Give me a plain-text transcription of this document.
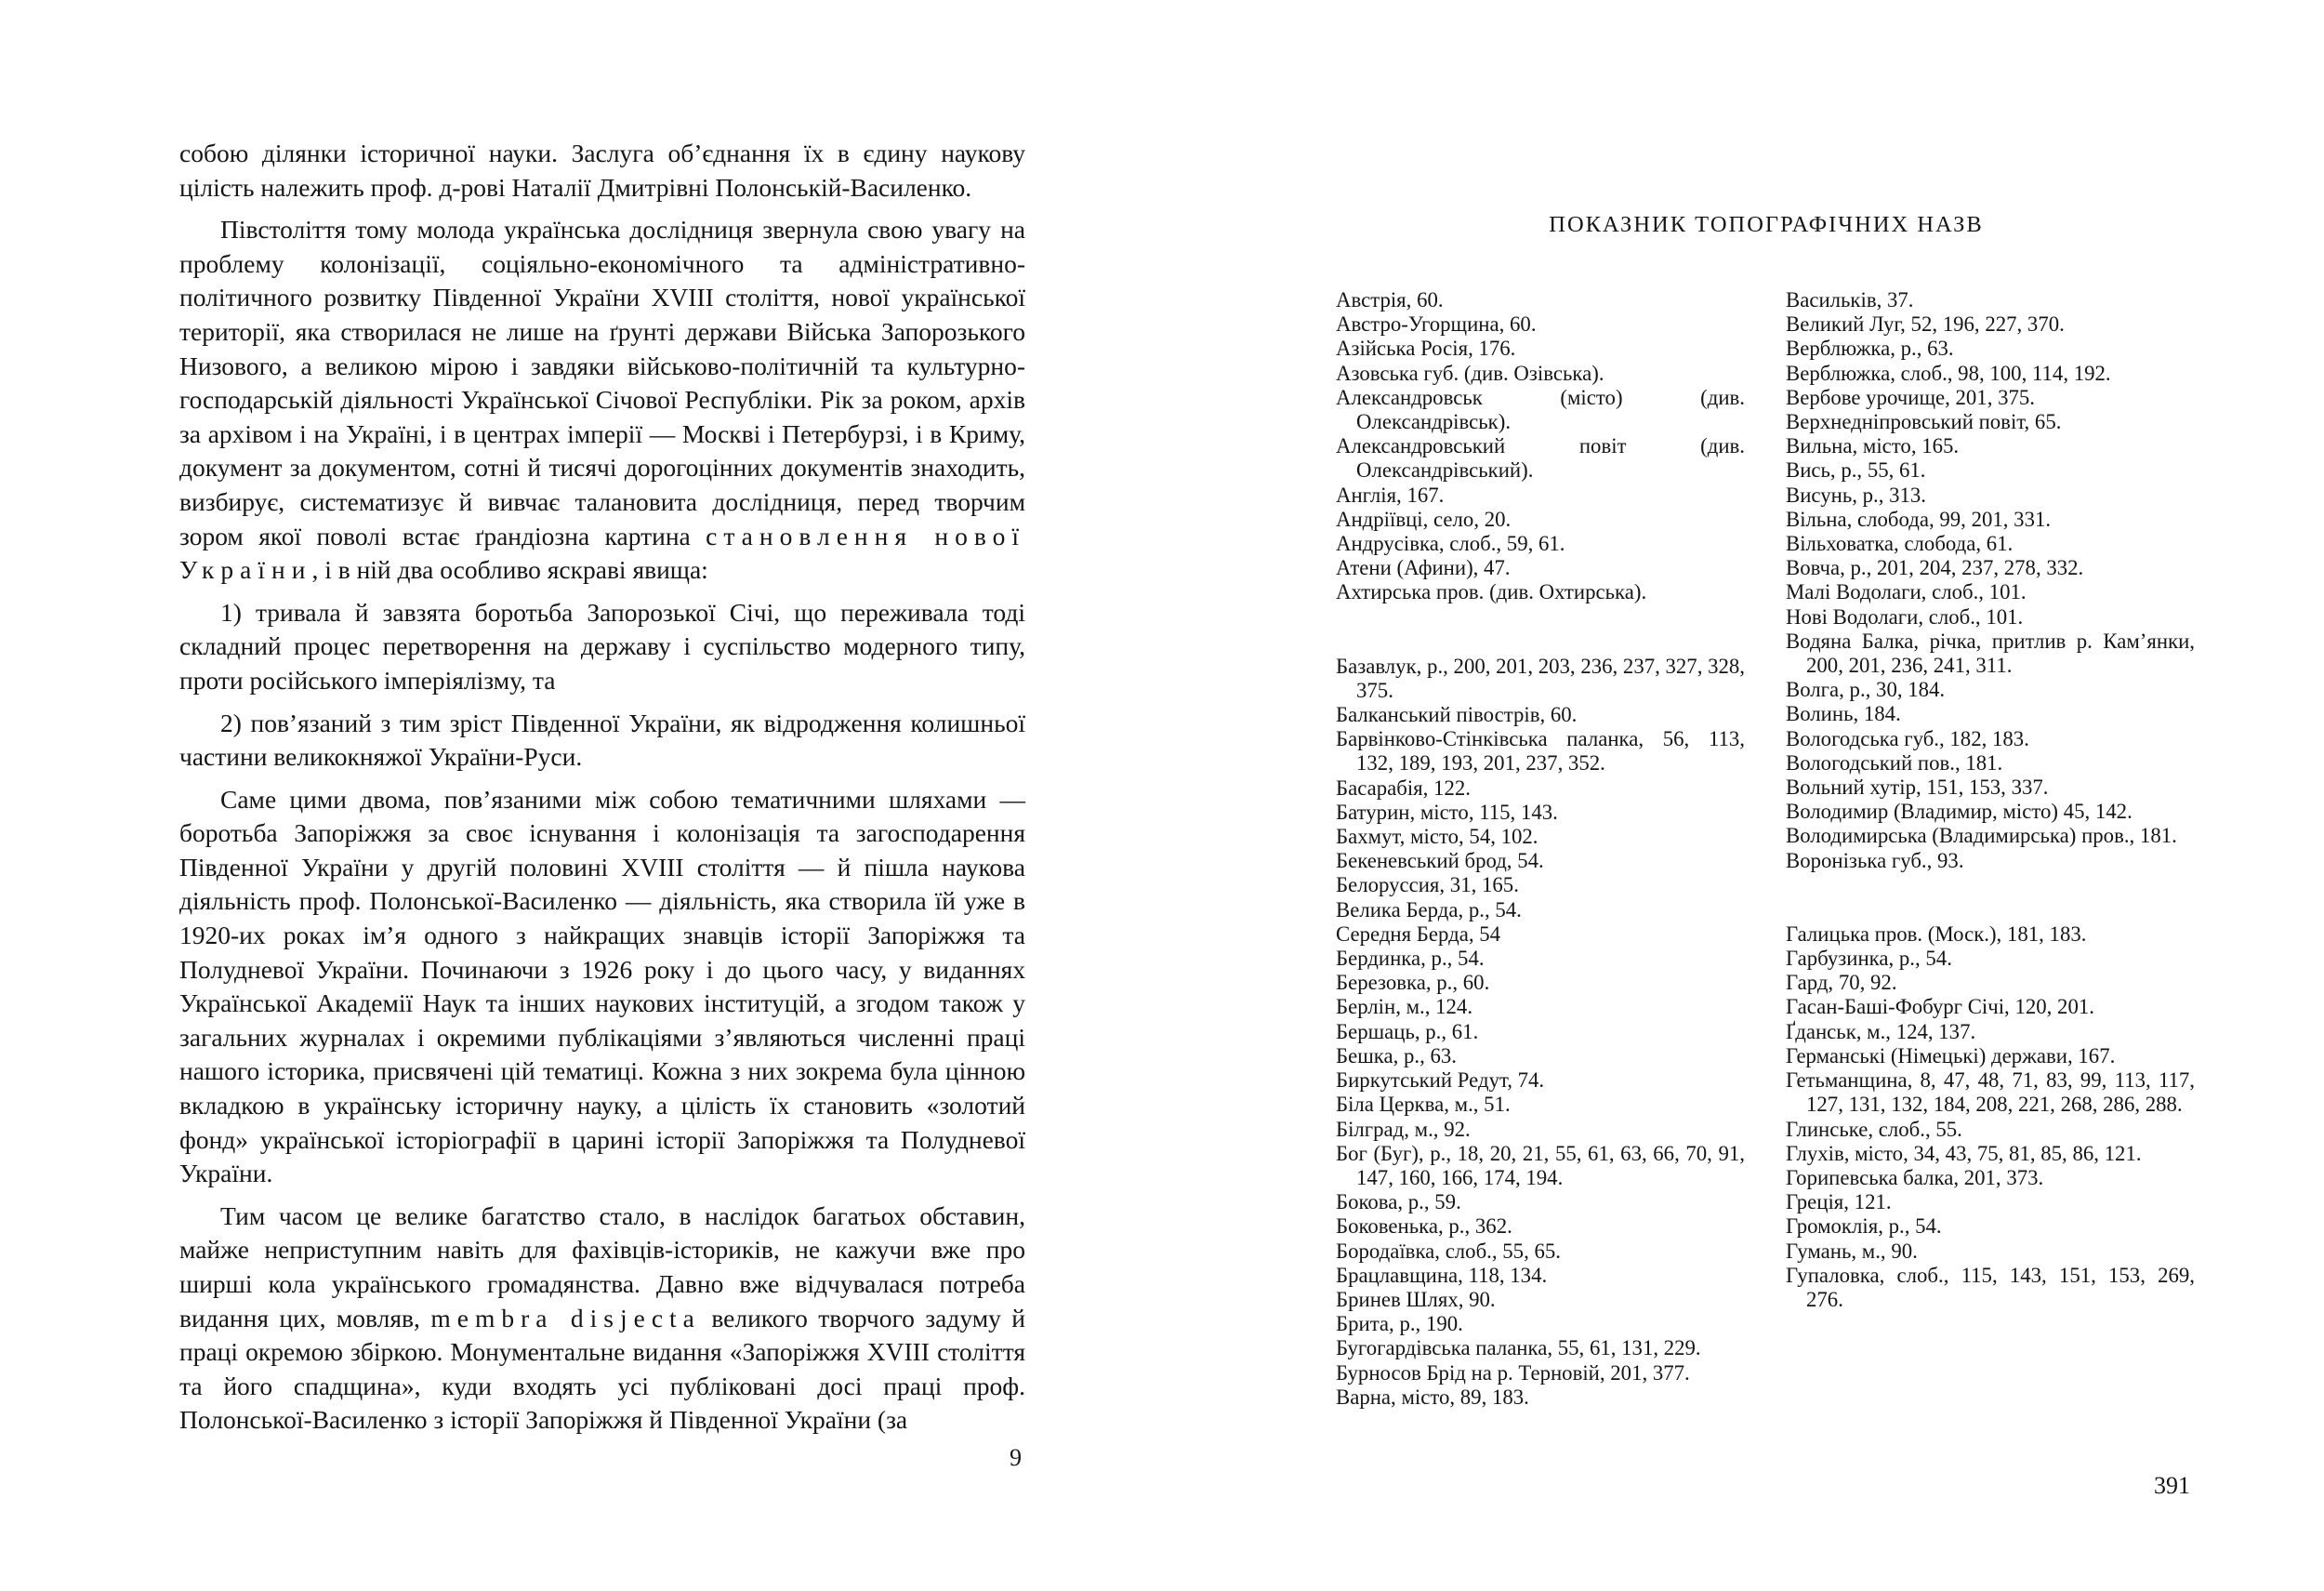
собою ділянки історичної науки. Заслуга об’єднання їх в єдину наукову цілість належить проф. д-рові Наталії Дмитрівні Полонській-Василенко.

Півстоліття тому молода українська дослідниця звернула свою увагу на проблему колонізації, соціяльно-економічного та адміністративно-політичного розвитку Південної України XVIII століття, нової української території, яка створилася не лише на ґрунті держави Війська Запорозького Низового, а великою мірою і завдяки військово-політичній та культурно-господарській діяльності Української Січової Республіки. Рік за роком, архів за архівом і на Україні, і в центрах імперії — Москві і Петербурзі, і в Криму, документ за документом, сотні й тисячі дорогоцінних документів знаходить, визбирує, систематизує й вивчає талановита дослідниця, перед творчим зором якої поволі встає ґрандіозна картина становлення нової України, і в ній два особливо яскраві явища:

1) тривала й завзята боротьба Запорозької Січі, що переживала тоді складний процес перетворення на державу і суспільство модерного типу, проти російського імперіялізму, та

2) пов’язаний з тим зріст Південної України, як відродження колишньої частини великокняжої України-Руси.

Саме цими двома, пов’язаними між собою тематичними шляхами — боротьба Запоріжжя за своє існування і колонізація та загосподарення Південної України у другій половині XVIII століття — й пішла наукова діяльність проф. Полонської-Василенко — діяльність, яка створила їй уже в 1920-их роках ім’я одного з найкращих знавців історії Запоріжжя та Полудневої України. Починаючи з 1926 року і до цього часу, у виданнях Української Академії Наук та інших наукових інституцій, а згодом також у загальних журналах і окремими публікаціями з’являються численні праці нашого історика, присвячені цій тематиці. Кожна з них зокрема була цінною вкладкою в українську історичну науку, а цілість їх становить «золотий фонд» української історіографії в царині історії Запоріжжя та Полудневої України.

Тим часом це велике багатство стало, в наслідок багатьох обставин, майже неприступним навіть для фахівців-істориків, не кажучи вже про ширші кола українського громадянства. Давно вже відчувалася потреба видання цих, мовляв, membra disjecta великого творчого задуму й праці окремою збіркою. Монументальне видання «Запоріжжя XVIII століття та його спадщина», куди входять усі публіковані досі праці проф. Полонської-Василенко з історії Запоріжжя й Південної України (за

9
ПОКАЗНИК ТОПОГРАФІЧНИХ НАЗВ
Австрія, 60.
Австро-Угорщина, 60.
Азійська Росія, 176.
Азовська губ. (див. Озівська).
Александровськ (місто) (див. Олександрівськ).
Александровський повіт (див. Олександрівський).
Англія, 167.
Андріївці, село, 20.
Андрусівка, слоб., 59, 61.
Атени (Афини), 47.
Ахтирська пров. (див. Охтирська).
Базавлук, р., 200, 201, 203, 236, 237, 327, 328, 375.
Балканський півострів, 60.
Барвінково-Стінківська паланка, 56, 113, 132, 189, 193, 201, 237, 352.
Басарабія, 122.
Батурин, місто, 115, 143.
Бахмут, місто, 54, 102.
Бекеневський брод, 54.
Белоруссия, 31, 165.
Велика Берда, р., 54.
Середня Берда, 54
Бердинка, р., 54.
Березовка, р., 60.
Берлін, м., 124.
Бершаць, р., 61.
Бешка, р., 63.
Биркутський Редут, 74.
Біла Церква, м., 51.
Білград, м., 92.
Бог (Буг), р., 18, 20, 21, 55, 61, 63, 66, 70, 91, 147, 160, 166, 174, 194.
Бокова, р., 59.
Боковенька, р., 362.
Бородаївка, слоб., 55, 65.
Брацлавщина, 118, 134.
Бринев Шлях, 90.
Брита, р., 190.
Бугогардівська паланка, 55, 61, 131, 229.
Бурносов Брід на р. Терновій, 201, 377.
Варна, місто, 89, 183.
Васильків, 37.
Великий Луг, 52, 196, 227, 370.
Верблюжка, р., 63.
Верблюжка, слоб., 98, 100, 114, 192.
Вербове урочище, 201, 375.
Верхнедніпровський повіт, 65.
Вильна, місто, 165.
Вись, р., 55, 61.
Висунь, р., 313.
Вільна, слобода, 99, 201, 331.
Вільховатка, слобода, 61.
Вовча, р., 201, 204, 237, 278, 332.
Малі Водолаги, слоб., 101.
Нові Водолаги, слоб., 101.
Водяна Балка, річка, притлив р. Кам’янки, 200, 201, 236, 241, 311.
Волга, р., 30, 184.
Волинь, 184.
Вологодська губ., 182, 183.
Вологодський пов., 181.
Вольний хутір, 151, 153, 337.
Володимир (Владимир, місто) 45, 142.
Володимирська (Владимирська) пров., 181.
Воронізька губ., 93.
Галицька пров. (Моск.), 181, 183.
Гарбузинка, р., 54.
Гард, 70, 92.
Гасан-Баші-Фобург Січі, 120, 201.
Ґданськ, м., 124, 137.
Германські (Німецькі) держави, 167.
Гетьманщина, 8, 47, 48, 71, 83, 99, 113, 117, 127, 131, 132, 184, 208, 221, 268, 286, 288.
Глинське, слоб., 55.
Глухів, місто, 34, 43, 75, 81, 85, 86, 121.
Горипевська балка, 201, 373.
Греція, 121.
Громоклія, р., 54.
Гумань, м., 90.
Гупаловка, слоб., 115, 143, 151, 153, 269, 276.
391
